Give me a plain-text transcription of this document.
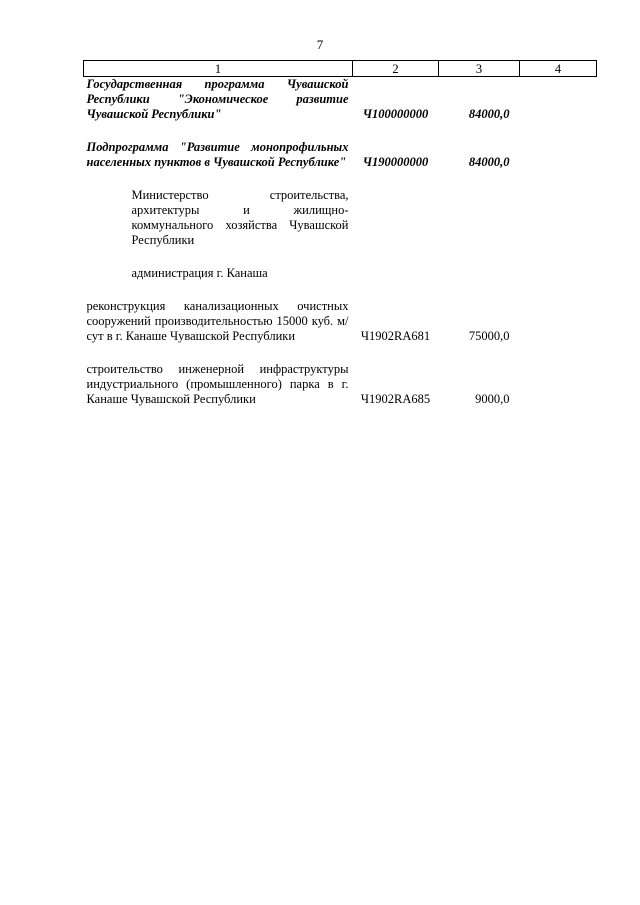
7
1	2	3	4
Государственная программа Чувашской Республики "Экономическое развитие Чувашской Республики"	Ч100000000	84000,0	

Подпрограмма "Развитие монопрофильных населенных пунктов в Чувашской Республике"	Ч190000000	84000,0	

Министерство строительства, архитектуры и жилищно-коммунального хозяйства Чувашской Республики			

администрация г. Канаша			

реконструкция канализационных очистных сооружений производительностью 15000 куб. м/сут в г. Канаше Чувашской Республики	Ч1902RA681	75000,0	

строительство инженерной инфраструктуры индустриального (промышленного) парка в г. Канаше Чувашской Республики	Ч1902RA685	9000,0	
